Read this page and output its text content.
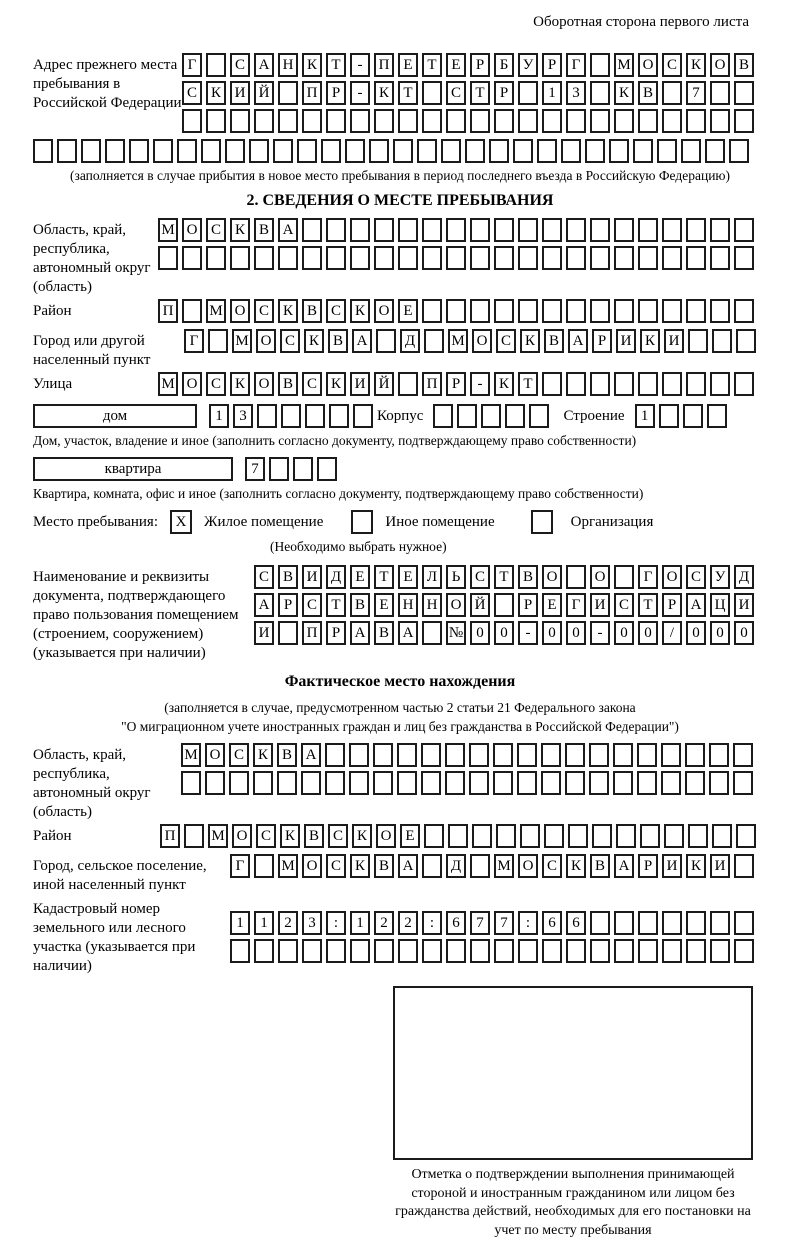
Оборотная сторона первого листа
Адрес прежнего места пребывания в Российской Федерации
Г	С А Н К Т - П Е Т Е Р Б У Р Г М О С К О В
С К И Й П Р - К Т	С Т Р	1 3	К В	7
(заполняется в случае прибытия в новое место пребывания в период последнего въезда в Российскую Федерацию)
2. СВЕДЕНИЯ О МЕСТЕ ПРЕБЫВАНИЯ
Область, край, республика, автономный округ (область)
М О С К В А
Район	П М О С К В С К О Е
Город или другой населенный пункт
Г М О С К В А Д М О С К В А Р И К И
Улица	М О С К О В С К И Й П Р - К Т
дом	1 3	Корпус	Строение 1
Дом, участок, владение и иное (заполнить согласно документу, подтверждающему право собственности)
квартира	7
Квартира, комната, офис и иное (заполнить согласно документу, подтверждающему право собственности)
Место пребывания: X Жилое помещение	Иное помещение	Организация
(Необходимо выбрать нужное)
Наименование и реквизиты документа, подтверждающего право пользования помещением (строением, сооружением) (указывается при наличии)
С В И Д Е Т Е Л Ь С Т В О О	Г О С У Д
А Р С Т В Е Н Н О Й	Р Е Г И С Т Р А Ц И
И П Р А В А № 0 0 - 0 0 - 0 0 / 0 0 0
Фактическое место нахождения
(заполняется в случае, предусмотренном частью 2 статьи 21 Федерального закона
"О миграционном учете иностранных граждан и лиц без гражданства в Российской Федерации")
Область, край, республика, автономный округ (область)
М О С К В А
Район	П М О С К В С К О Е
Город, сельское поселение, иной населенный пункт
Г М О С К В А Д М О С К В А Р И К И
Кадастровый номер земельного или лесного участка (указывается при наличии)
1 1 2 3 : 1 2 2 : 6 7 7 : 6 6
Отметка о подтверждении выполнения принимающей стороной и иностранным гражданином или лицом без гражданства действий, необходимых для его постановки на учет по месту пребывания
